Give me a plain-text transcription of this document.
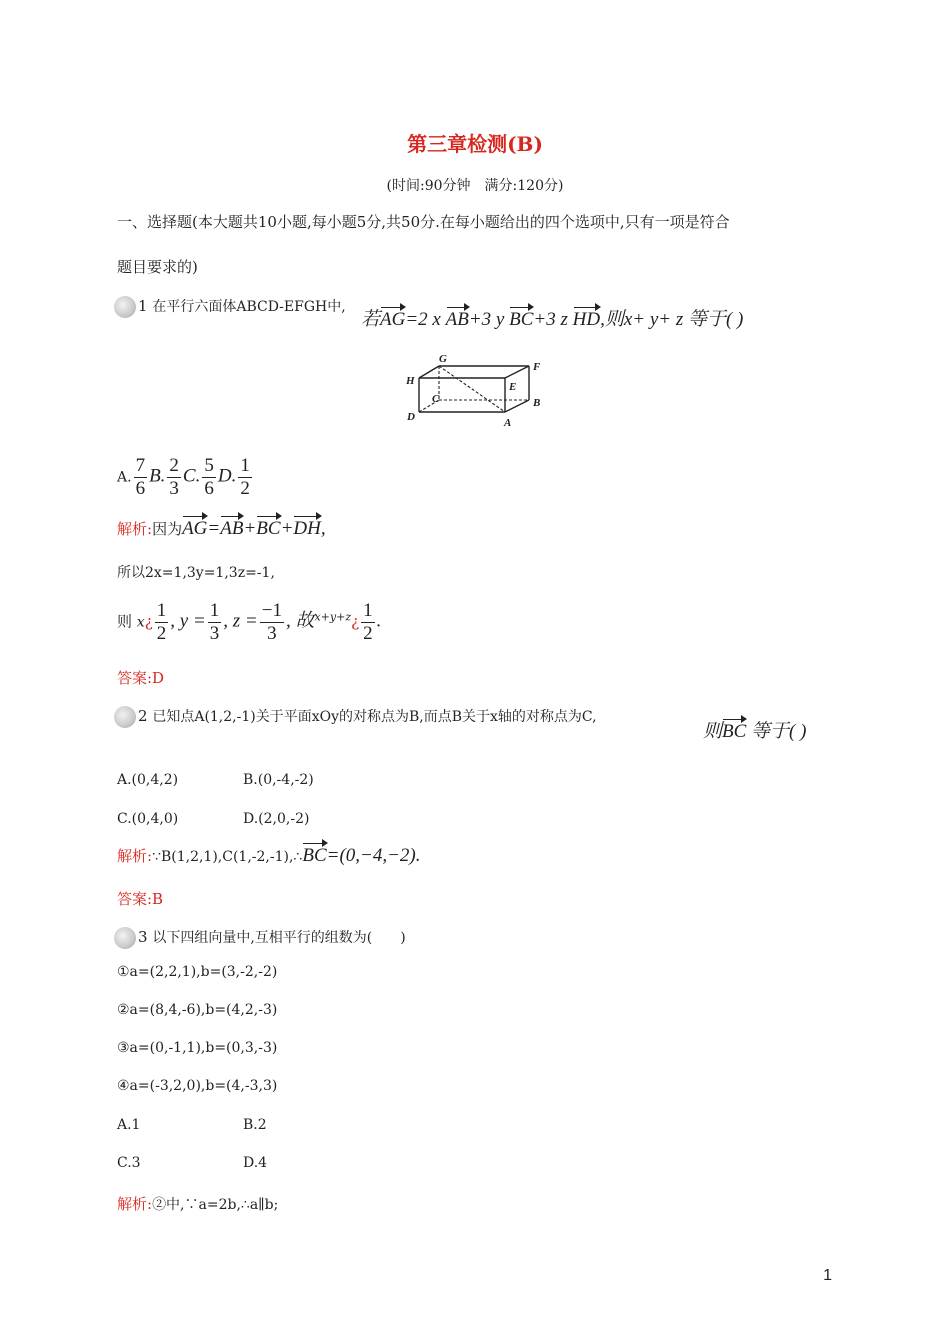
第三章检测(B)
(时间:90分钟　满分:120分)
一、选择题(本大题共10小题,每小题5分,共50分.在每小题给出的四个选项中,只有一项是符合
题目要求的)
1 在平行六面体ABCD-EFGH中,
若AG=2 x AB+3 y BC+3 z HD,则x+ y+ z 等于( )
G
F
H	E
C	B
D	A
A. $\frac{7}{6} B$. $\frac{2}{3} C$. $\frac{5}{6} D$. $\frac{1}{2}$
解析:因为AG=AB+BC+DH,
所以2x=1,3y=1,3z=-1,
则 x¿ $\frac{1}{2}$ , $y = \frac{1}{3}$ , $z = \frac{-1}{3}$ , 故$^{x+y+z}$¿ $\frac{1}{2}$ .
答案:D
2 已知点A(1,2,-1)关于平面xOy的对称点为B,而点B关于x轴的对称点为C,
则BC 等于( )
A.(0,4,2)	B.(0,-4,-2)
C.(0,4,0)	D.(2,0,-2)
解析:∵B(1,2,1),C(1,-2,-1),∴BC=(0,−4,−2).
答案:B
3 以下四组向量中,互相平行的组数为(　　)
①a=(2,2,1),b=(3,-2,-2)
②a=(8,4,-6),b=(4,2,-3)
③a=(0,-1,1),b=(0,3,-3)
④a=(-3,2,0),b=(4,-3,3)
A.1	B.2
C.3	D.4
解析:②中,∵a=2b,∴a∥b;
1
